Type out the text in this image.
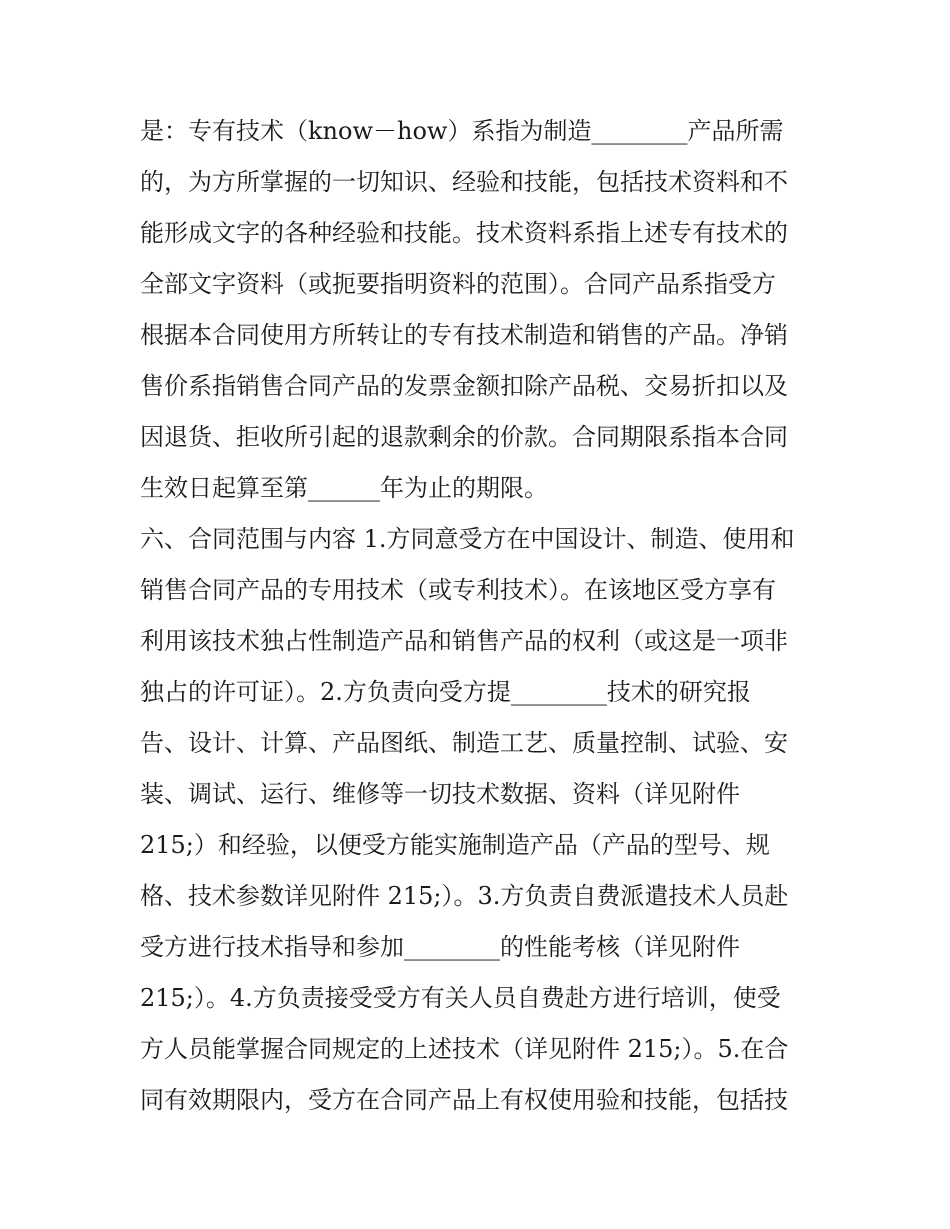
是：专有技术（know－how）系指为制造________产品所需
的，为方所掌握的一切知识、经验和技能，包括技术资料和不
能形成文字的各种经验和技能。技术资料系指上述专有技术的
全部文字资料（或扼要指明资料的范围）。合同产品系指受方
根据本合同使用方所转让的专有技术制造和销售的产品。净销
售价系指销售合同产品的发票金额扣除产品税、交易折扣以及
因退货、拒收所引起的退款剩余的价款。合同期限系指本合同
生效日起算至第______年为止的期限。
六、合同范围与内容 1.方同意受方在中国设计、制造、使用和
销售合同产品的专用技术（或专利技术）。在该地区受方享有
利用该技术独占性制造产品和销售产品的权利（或这是一项非
独占的许可证）。2.方负责向受方提________技术的研究报
告、设计、计算、产品图纸、制造工艺、质量控制、试验、安
装、调试、运行、维修等一切技术数据、资料（详见附件
215;）和经验，以便受方能实施制造产品（产品的型号、规
格、技术参数详见附件 215;）。3.方负责自费派遣技术人员赴
受方进行技术指导和参加________的性能考核（详见附件
215;）。4.方负责接受受方有关人员自费赴方进行培训，使受
方人员能掌握合同规定的上述技术（详见附件 215;）。5.在合
同有效期限内，受方在合同产品上有权使用验和技能，包括技
